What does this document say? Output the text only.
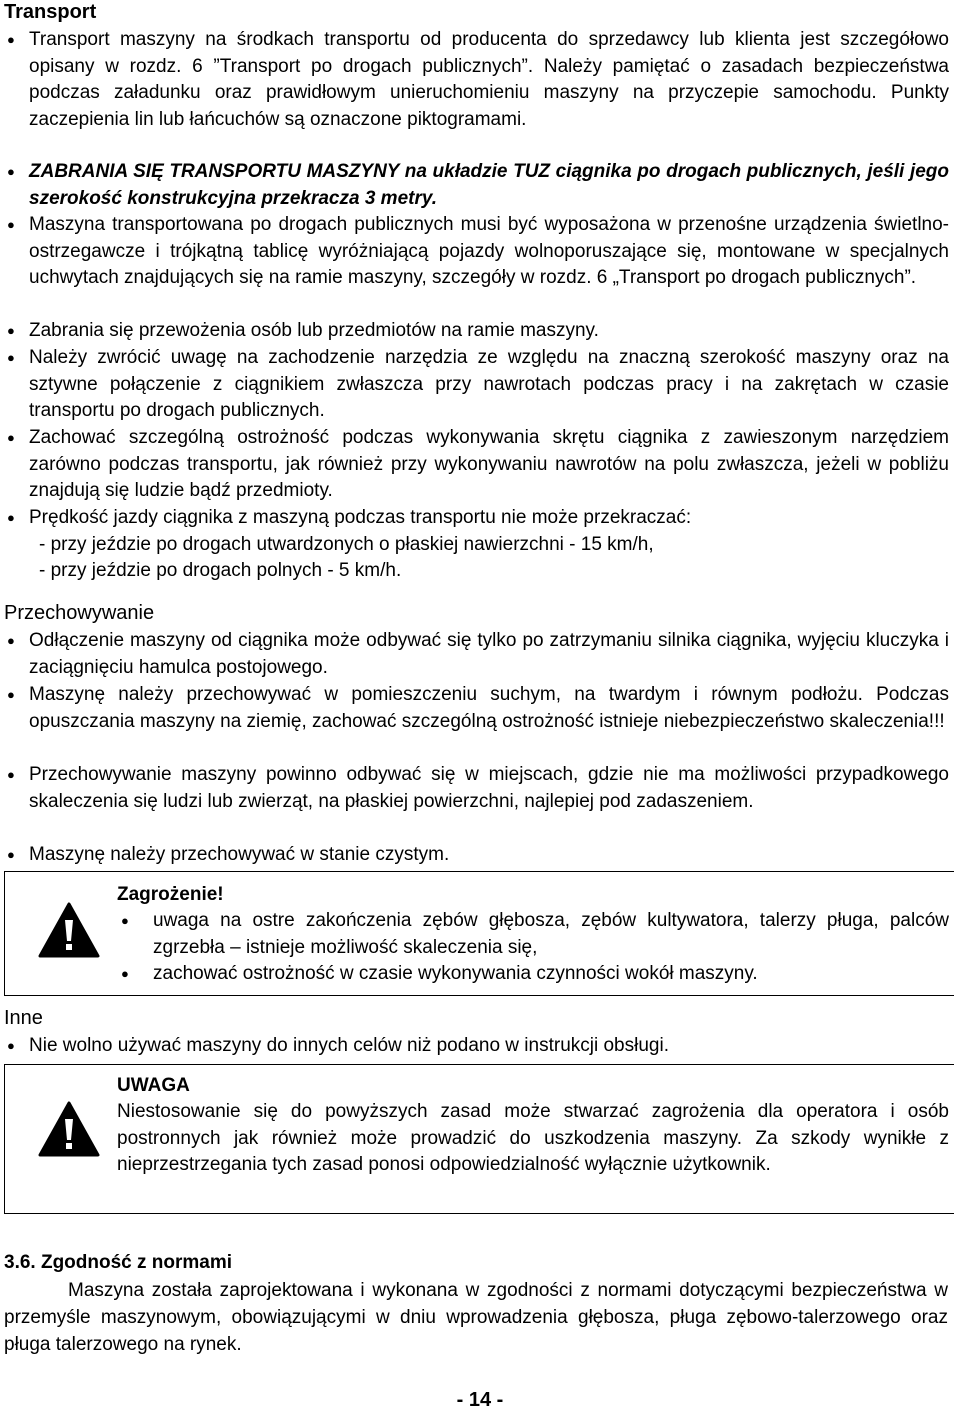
Transport
● Transport maszyny na środkach transportu od producenta do sprzedawcy lub klienta jest szczegółowo opisany w rozdz. 6 ”Transport po drogach publicznych”. Należy pamiętać o zasadach bezpieczeństwa podczas załadunku oraz prawidłowym unieruchomieniu maszyny na przyczepie samochodu. Punkty zaczepienia lin lub łańcuchów są oznaczone piktogramami.
● ZABRANIA SIĘ TRANSPORTU MASZYNY na układzie TUZ ciągnika po drogach publicznych, jeśli jego szerokość konstrukcyjna przekracza 3 metry.
● Maszyna transportowana po drogach publicznych musi być wyposażona w przenośne urządzenia świetlno-ostrzegawcze i trójkątną tablicę wyróżniającą pojazdy wolnoporuszające się, montowane w specjalnych uchwytach znajdujących się na ramie maszyny, szczegóły w rozdz. 6 „Transport po drogach publicznych”.
● Zabrania się przewożenia osób lub przedmiotów na ramie maszyny.
● Należy zwrócić uwagę na zachodzenie narzędzia ze względu na znaczną szerokość maszyny oraz na sztywne połączenie z ciągnikiem zwłaszcza przy nawrotach podczas pracy i na zakrętach w czasie transportu po drogach publicznych.
● Zachować szczególną ostrożność podczas wykonywania skrętu ciągnika z zawieszonym narzędziem zarówno podczas transportu, jak również przy wykonywaniu nawrotów na polu zwłaszcza, jeżeli w pobliżu znajdują się ludzie bądź przedmioty.
● Prędkość jazdy ciągnika z maszyną podczas transportu nie może przekraczać:
- przy jeździe po drogach utwardzonych o płaskiej nawierzchni - 15 km/h,
- przy jeździe po drogach polnych - 5 km/h.
Przechowywanie
● Odłączenie maszyny od ciągnika może odbywać się tylko po zatrzymaniu silnika ciągnika, wyjęciu kluczyka i zaciągnięciu hamulca postojowego.
● Maszynę należy przechowywać w pomieszczeniu suchym, na twardym i równym podłożu. Podczas opuszczania maszyny na ziemię, zachować szczególną ostrożność istnieje niebezpieczeństwo skaleczenia!!!
● Przechowywanie maszyny powinno odbywać się w miejscach, gdzie nie ma możliwości przypadkowego skaleczenia się ludzi lub zwierząt, na płaskiej powierzchni, najlepiej pod zadaszeniem.
● Maszynę należy przechowywać w stanie czystym.
Zagrożenie!
● uwaga na ostre zakończenia zębów głębosza, zębów kultywatora, talerzy pługa, palców zgrzebła – istnieje możliwość skaleczenia się,
● zachować ostrożność w czasie wykonywania czynności wokół maszyny.
Inne
● Nie wolno używać maszyny do innych celów niż podano w instrukcji obsługi.
UWAGA
Niestosowanie się do powyższych zasad może stwarzać zagrożenia dla operatora i osób postronnych jak również może prowadzić do uszkodzenia maszyny. Za szkody wynikłe z nieprzestrzegania tych zasad ponosi odpowiedzialność wyłącznie użytkownik.
3.6. Zgodność z normami
Maszyna została zaprojektowana i wykonana w zgodności z normami dotyczącymi bezpieczeństwa w przemyśle maszynowym, obowiązującymi w dniu wprowadzenia głębosza, pługa zębowo-talerzowego oraz pługa talerzowego na rynek.
- 14 -
